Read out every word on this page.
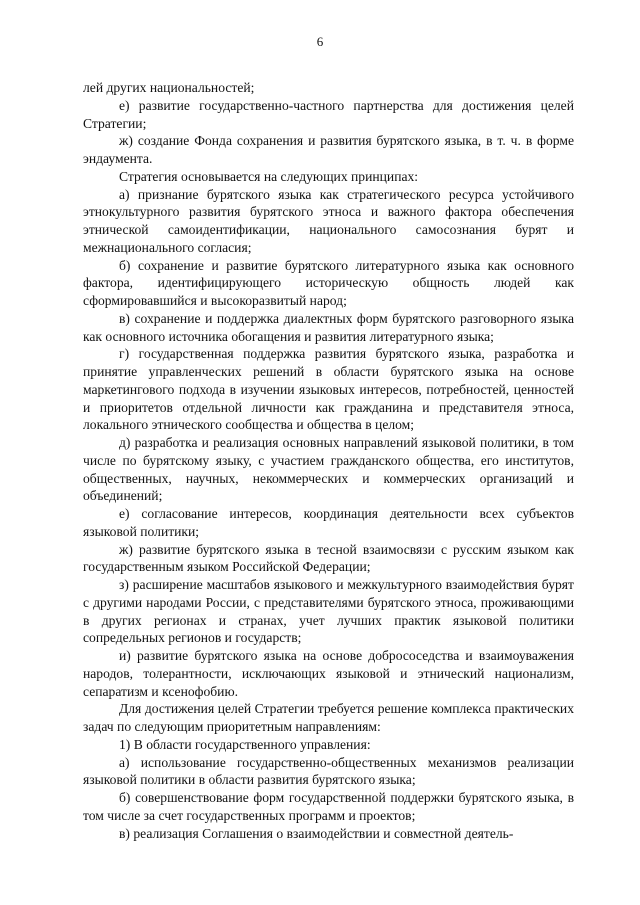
6

лей других национальностей;

е) развитие государственно-частного партнерства для достижения целей Стратегии;

ж) создание Фонда сохранения и развития бурятского языка, в т. ч. в форме эндаумента.

Стратегия основывается на следующих принципах:

а) признание бурятского языка как стратегического ресурса устойчивого этнокультурного развития бурятского этноса и важного фактора обеспечения этнической самоидентификации, национального самосознания бурят и межнационального согласия;

б) сохранение и развитие бурятского литературного языка как основного фактора, идентифицирующего историческую общность людей как сформировавшийся и высокоразвитый народ;

в) сохранение и поддержка диалектных форм бурятского разговорного языка как основного источника обогащения и развития литературного языка;

г) государственная поддержка развития бурятского языка, разработка и принятие управленческих решений в области бурятского языка на основе маркетингового подхода в изучении языковых интересов, потребностей, ценностей и приоритетов отдельной личности как гражданина и представителя этноса, локального этнического сообщества и общества в целом;

д) разработка и реализация основных направлений языковой политики, в том числе по бурятскому языку, с участием гражданского общества, его институтов, общественных, научных, некоммерческих и коммерческих организаций и объединений;

е) согласование интересов, координация деятельности всех субъектов языковой политики;

ж) развитие бурятского языка в тесной взаимосвязи с русским языком как государственным языком Российской Федерации;

з) расширение масштабов языкового и межкультурного взаимодействия бурят с другими народами России, с представителями бурятского этноса, проживающими в других регионах и странах, учет лучших практик языковой политики сопредельных регионов и государств;

и) развитие бурятского языка на основе добрососедства и взаимоуважения народов, толерантности, исключающих языковой и этнический национализм, сепаратизм и ксенофобию.

Для достижения целей Стратегии требуется решение комплекса практических задач по следующим приоритетным направлениям:

1) В области государственного управления:

а) использование государственно-общественных механизмов реализации языковой политики в области развития бурятского языка;

б) совершенствование форм государственной поддержки бурятского языка, в том числе за счет государственных программ и проектов;

в) реализация Соглашения о взаимодействии и совместной деятель-
